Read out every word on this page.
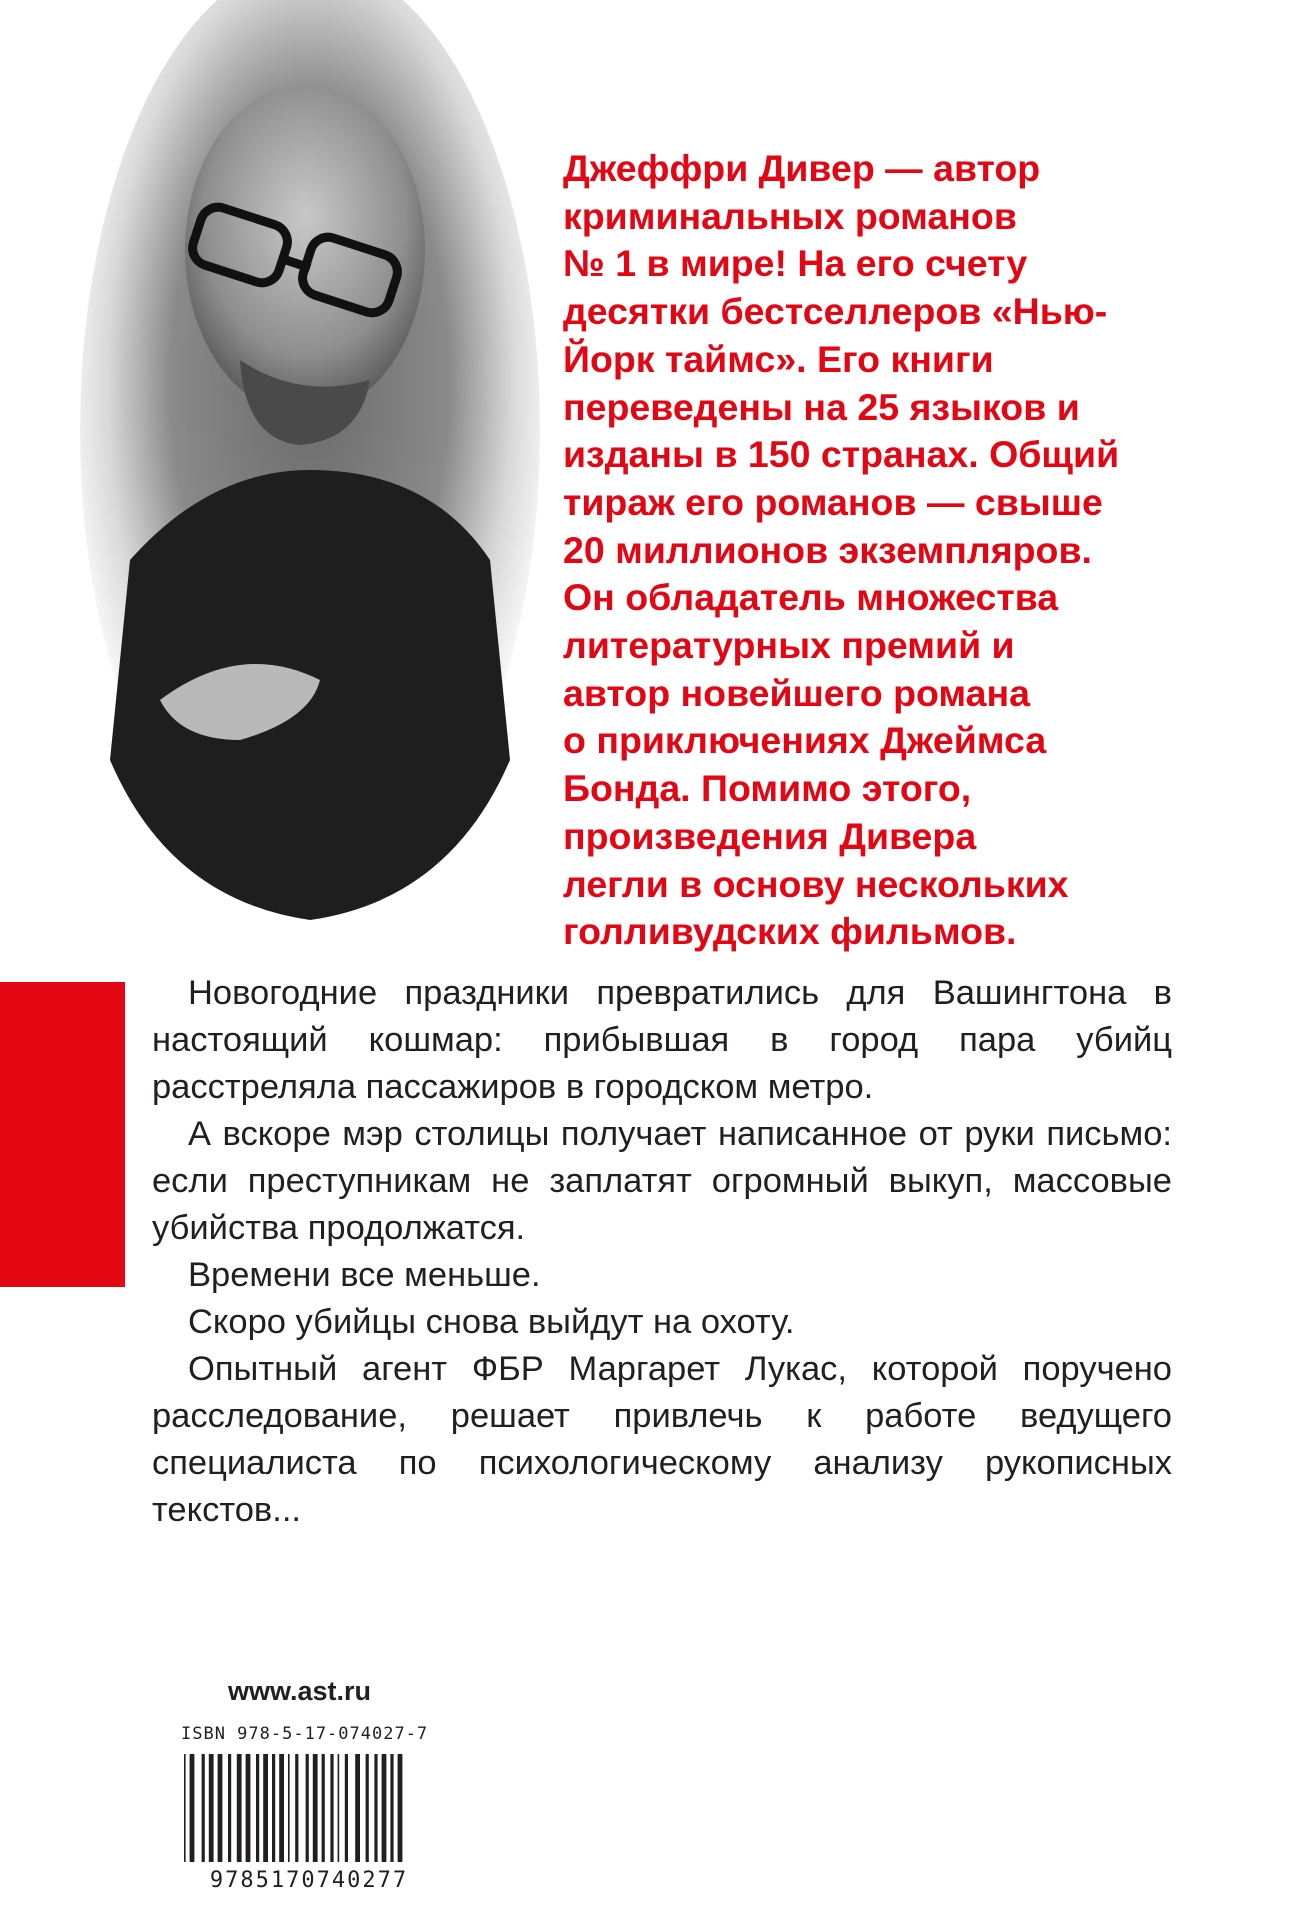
Джеффри Дивер — автор
криминальных романов
№ 1 в мире! На его счету
десятки бестселлеров «Нью-
Йорк таймс». Его книги
переведены на 25 языков и
изданы в 150 странах. Общий
тираж его романов — свыше
20 миллионов экземпляров.
Он обладатель множества
литературных премий и
автор новейшего романа
о приключениях Джеймса
Бонда. Помимо этого,
произведения Дивера
легли в основу нескольких
голливудских фильмов.

Новогодние праздники превратились для Вашингтона в настоящий кошмар: прибывшая в город пара убийц расстреляла пассажиров в городском метро.

А вскоре мэр столицы получает написанное от руки письмо: если преступникам не заплатят огромный выкуп, массовые убийства продолжатся.

Времени все меньше.

Скоро убийцы снова выйдут на охоту.

Опытный агент ФБР Маргарет Лукас, которой поручено расследование, решает привлечь к работе ведущего специалиста по психологическому анализу рукописных текстов...

www.ast.ru
ISBN 978-5-17-074027-7
9785170740277
